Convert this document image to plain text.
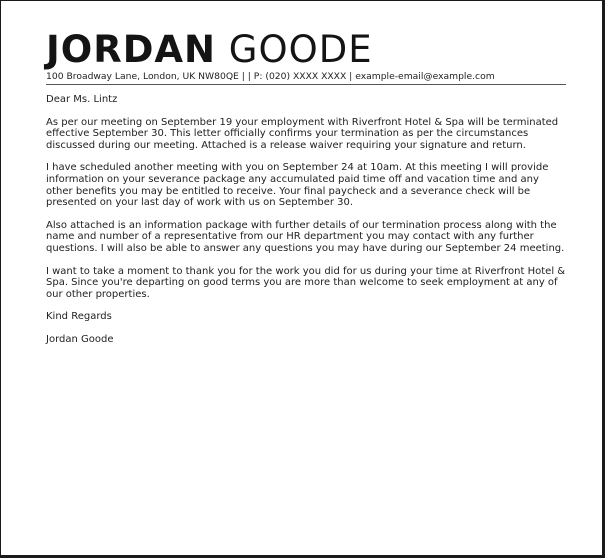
JORDAN GOODE
100 Broadway Lane, London, UK NW80QE | | P: (020) XXXX XXXX | example-email@example.com
Dear Ms. Lintz
As per our meeting on September 19 your employment with Riverfront Hotel & Spa will be terminated effective September 30. This letter officially confirms your termination as per the circumstances discussed during our meeting. Attached is a release waiver requiring your signature and return.
I have scheduled another meeting with you on September 24 at 10am. At this meeting I will provide information on your severance package any accumulated paid time off and vacation time and any other benefits you may be entitled to receive. Your final paycheck and a severance check will be presented on your last day of work with us on September 30.
Also attached is an information package with further details of our termination process along with the name and number of a representative from our HR department you may contact with any further questions. I will also be able to answer any questions you may have during our September 24 meeting.
I want to take a moment to thank you for the work you did for us during your time at Riverfront Hotel & Spa. Since you're departing on good terms you are more than welcome to seek employment at any of our other properties.
Kind Regards
Jordan Goode
